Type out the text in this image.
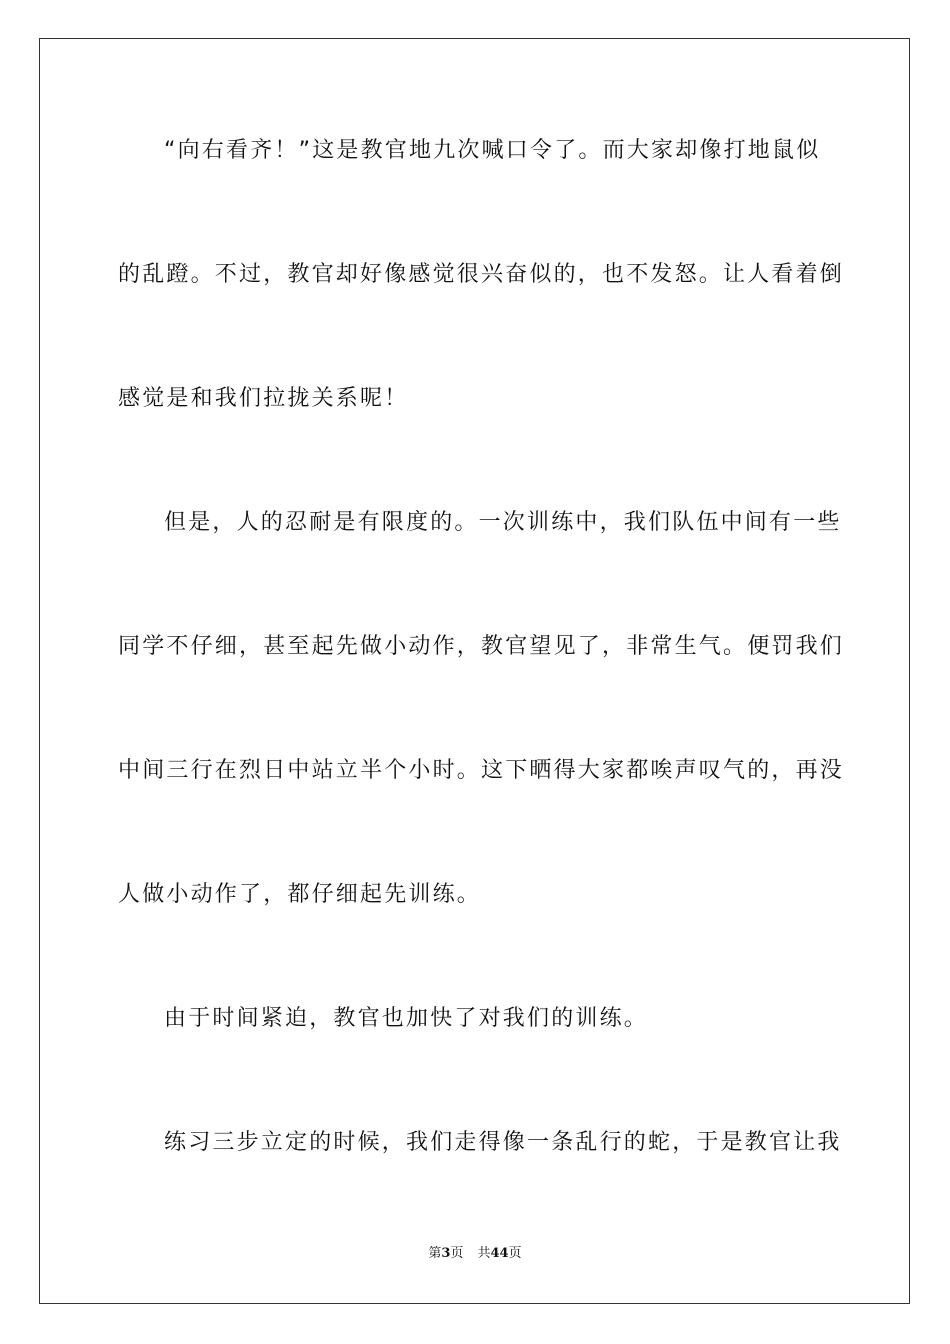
“向右看齐！”这是教官地九次喊口令了。而大家却像打地鼠似
的乱蹬。不过，教官却好像感觉很兴奋似的，也不发怒。让人看着倒
感觉是和我们拉拢关系呢！
但是，人的忍耐是有限度的。一次训练中，我们队伍中间有一些
同学不仔细，甚至起先做小动作，教官望见了，非常生气。便罚我们
中间三行在烈日中站立半个小时。这下晒得大家都唉声叹气的，再没
人做小动作了，都仔细起先训练。
由于时间紧迫，教官也加快了对我们的训练。
练习三步立定的时候，我们走得像一条乱行的蛇，于是教官让我
第3页 共44页
